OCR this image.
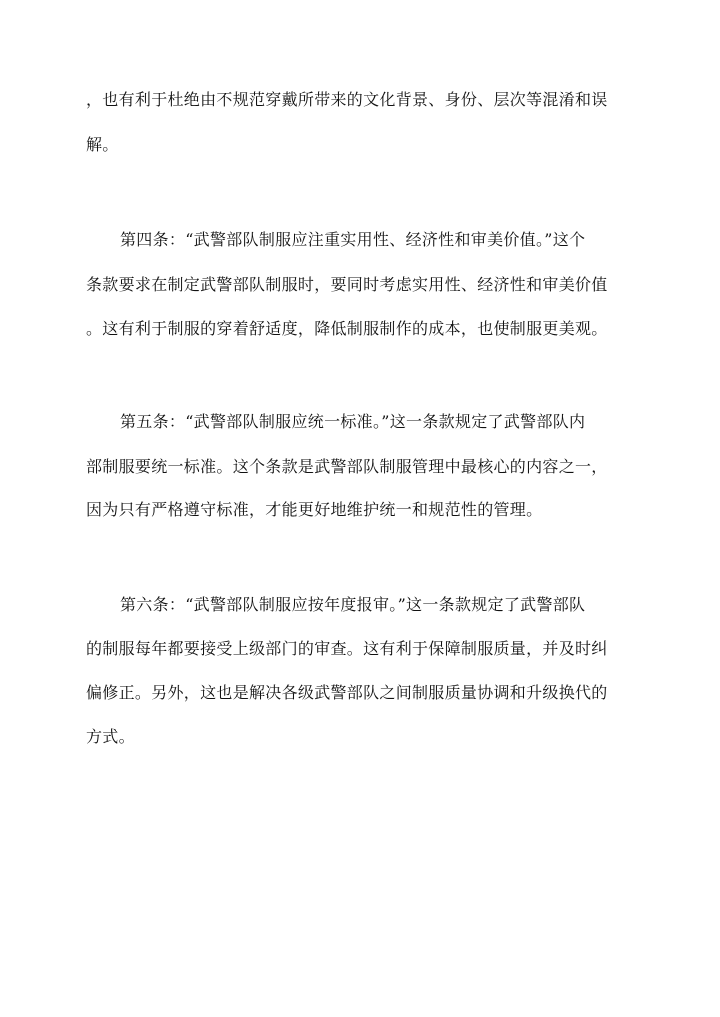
，也有利于杜绝由不规范穿戴所带来的文化背景、身份、层次等混淆和误
解。
第四条：“武警部队制服应注重实用性、经济性和审美价值。”这个
条款要求在制定武警部队制服时，要同时考虑实用性、经济性和审美价值
。这有利于制服的穿着舒适度，降低制服制作的成本，也使制服更美观。
第五条：“武警部队制服应统一标准。”这一条款规定了武警部队内
部制服要统一标准。这个条款是武警部队制服管理中最核心的内容之一，
因为只有严格遵守标准，才能更好地维护统一和规范性的管理。
第六条：“武警部队制服应按年度报审。”这一条款规定了武警部队
的制服每年都要接受上级部门的审查。这有利于保障制服质量，并及时纠
偏修正。另外，这也是解决各级武警部队之间制服质量协调和升级换代的
方式。
